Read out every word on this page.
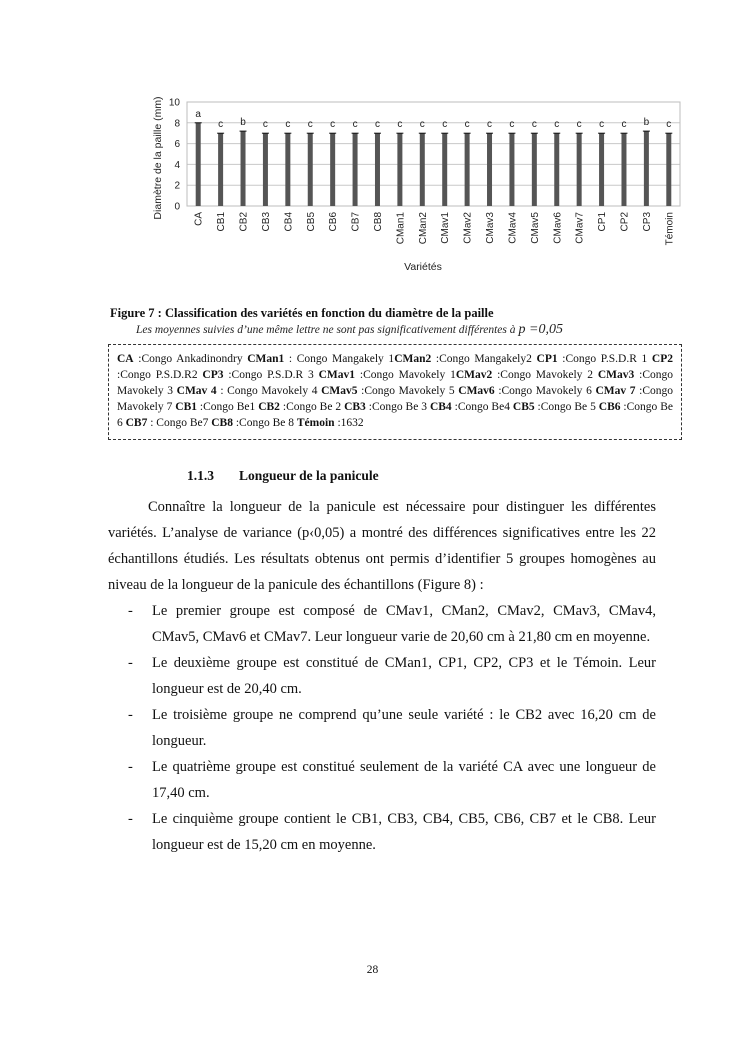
0
2
4
6
8
10
a
CA
c
CB1
b
CB2
c
CB3
c
CB4
c
CB5
c
CB6
c
CB7
c
CB8
c
CMan1
c
CMan2
c
CMav1
c
CMav2
c
CMav3
c
CMav4
c
CMav5
c
CMav6
c
CMav7
c
CP1
c
CP2
b
CP3
c
Témoin
Diamètre de la paille (mm)
Variétés
Figure 7 : Classification des variétés en fonction du diamètre de la paille
Les moyennes suivies d’une même lettre ne sont pas significativement différentes à p =0,05
CA :Congo Ankadinondry CMan1 : Congo Mangakely 1CMan2 :Congo Mangakely2 CP1 :Congo P.S.D.R 1 CP2 :Congo P.S.D.R2 CP3 :Congo P.S.D.R 3 CMav1 :Congo Mavokely 1CMav2 :Congo Mavokely 2 CMav3 :Congo Mavokely 3 CMav 4 : Congo Mavokely 4 CMav5 :Congo Mavokely 5 CMav6 :Congo Mavokely 6 CMav 7 :Congo Mavokely 7 CB1 :Congo Be1 CB2 :Congo Be 2 CB3 :Congo Be 3 CB4 :Congo Be4 CB5 :Congo Be 5 CB6 :Congo Be 6 CB7 : Congo Be7 CB8 :Congo Be 8 Témoin :1632
1.1.3 Longueur de la panicule

Connaître la longueur de la panicule est nécessaire pour distinguer les différentes variétés. L’analyse de variance (p‹0,05) a montré des différences significatives entre les 22 échantillons étudiés. Les résultats obtenus ont permis d’identifier 5 groupes homogènes au niveau de la longueur de la panicule des échantillons (Figure 8) :

- Le premier groupe est composé de CMav1, CMan2, CMav2, CMav3, CMav4, CMav5, CMav6 et CMav7. Leur longueur varie de 20,60 cm à 21,80 cm en moyenne.
- Le deuxième groupe est constitué de CMan1, CP1, CP2, CP3 et le Témoin. Leur longueur est de 20,40 cm.
- Le troisième groupe ne comprend qu’une seule variété : le CB2 avec 16,20 cm de longueur.
- Le quatrième groupe est constitué seulement de la variété CA avec une longueur de 17,40 cm.
- Le cinquième groupe contient le CB1, CB3, CB4, CB5, CB6, CB7 et le CB8. Leur longueur est de 15,20 cm en moyenne.
28
